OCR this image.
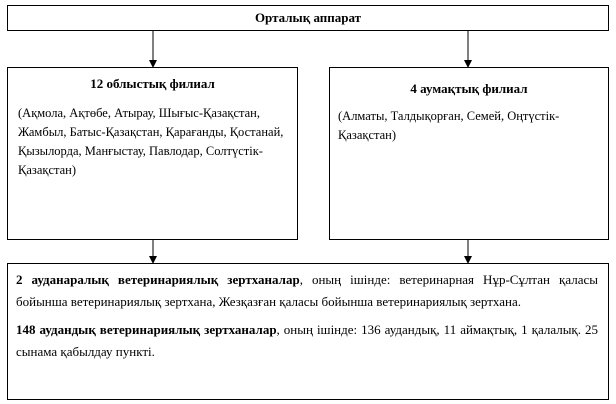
Орталық аппарат
12 облыстық филиал
(Ақмола, Ақтөбе, Атырау, Шығыс-Қазақстан, Жамбыл, Батыс-Қазақстан, Қарағанды, Қостанай, Қызылорда, Манғыстау, Павлодар, Солтүстік-Қазақстан)
4 аумақтық филиал
(Алматы, Талдықорған, Семей, Оңтүстік-Қазақстан)

2 ауданаралық ветеринариялық зертханалар, оның ішінде: ветеринарная Нұр-Сұлтан қаласы бойынша ветеринариялық зертхана, Жезқазған қаласы бойынша ветеринариялық зертхана.

148 аудандық ветеринариялық зертханалар, оның ішінде: 136 аудандық, 11 аймақтық, 1 қалалық. 25 сынама қабылдау пункті.
